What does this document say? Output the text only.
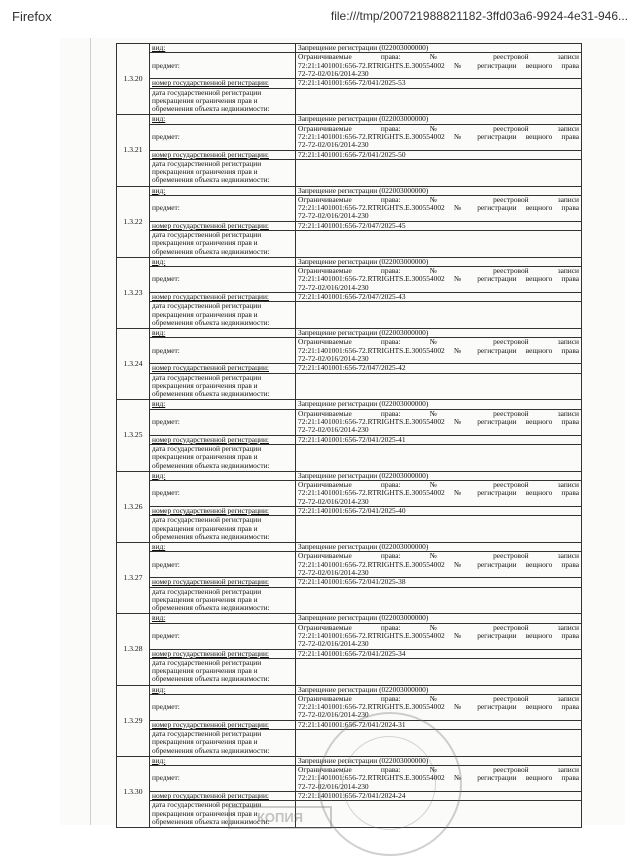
Firefox	file:///tmp/200721988821182-3ffd03a6-9924-4e31-946...
1.3.20	вид:	Запрещение регистрации (022003000000)
	предмет:	Ограничиваемые права: № реестровой записи
72:21:1401001:656-72.RTRIGHTS.E.300554002 № регистрации вещного права
72-72-02/016/2014-230

	номер государственной регистрации:	72:21:1401001:656-72/041/2025-53
	дата государственной регистрации прекращения ограничения прав и обременения объекта недвижимости:	
1.3.21	вид:	Запрещение регистрации (022003000000)
	предмет:	Ограничиваемые права: № реестровой записи
72:21:1401001:656-72.RTRIGHTS.E.300554002 № регистрации вещного права
72-72-02/016/2014-230

	номер государственной регистрации:	72:21:1401001:656-72/041/2025-50
	дата государственной регистрации прекращения ограничения прав и обременения объекта недвижимости:	
1.3.22	вид:	Запрещение регистрации (022003000000)
	предмет:	Ограничиваемые права: № реестровой записи
72:21:1401001:656-72.RTRIGHTS.E.300554002 № регистрации вещного права
72-72-02/016/2014-230

	номер государственной регистрации:	72:21:1401001:656-72/047/2025-45
	дата государственной регистрации прекращения ограничения прав и обременения объекта недвижимости:	
1.3.23	вид:	Запрещение регистрации (022003000000)
	предмет:	Ограничиваемые права: № реестровой записи
72:21:1401001:656-72.RTRIGHTS.E.300554002 № регистрации вещного права
72-72-02/016/2014-230

	номер государственной регистрации:	72:21:1401001:656-72/047/2025-43
	дата государственной регистрации прекращения ограничения прав и обременения объекта недвижимости:	
1.3.24	вид:	Запрещение регистрации (022003000000)
	предмет:	Ограничиваемые права: № реестровой записи
72:21:1401001:656-72.RTRIGHTS.E.300554002 № регистрации вещного права
72-72-02/016/2014-230

	номер государственной регистрации:	72:21:1401001:656-72/047/2025-42
	дата государственной регистрации прекращения ограничения прав и обременения объекта недвижимости:	
1.3.25	вид:	Запрещение регистрации (022003000000)
	предмет:	Ограничиваемые права: № реестровой записи
72:21:1401001:656-72.RTRIGHTS.E.300554002 № регистрации вещного права
72-72-02/016/2014-230

	номер государственной регистрации:	72:21:1401001:656-72/041/2025-41
	дата государственной регистрации прекращения ограничения прав и обременения объекта недвижимости:	
1.3.26	вид:	Запрещение регистрации (022003000000)
	предмет:	Ограничиваемые права: № реестровой записи
72:21:1401001:656-72.RTRIGHTS.E.300554002 № регистрации вещного права
72-72-02/016/2014-230

	номер государственной регистрации:	72:21:1401001:656-72/041/2025-40
	дата государственной регистрации прекращения ограничения прав и обременения объекта недвижимости:	
1.3.27	вид:	Запрещение регистрации (022003000000)
	предмет:	Ограничиваемые права: № реестровой записи
72:21:1401001:656-72.RTRIGHTS.E.300554002 № регистрации вещного права
72-72-02/016/2014-230

	номер государственной регистрации:	72:21:1401001:656-72/041/2025-38
	дата государственной регистрации прекращения ограничения прав и обременения объекта недвижимости:	
1.3.28	вид:	Запрещение регистрации (022003000000)
	предмет:	Ограничиваемые права: № реестровой записи
72:21:1401001:656-72.RTRIGHTS.E.300554002 № регистрации вещного права
72-72-02/016/2014-230

	номер государственной регистрации:	72:21:1401001:656-72/041/2025-34
	дата государственной регистрации прекращения ограничения прав и обременения объекта недвижимости:	
1.3.29	вид:	Запрещение регистрации (022003000000)
	предмет:	Ограничиваемые права: № реестровой записи
72:21:1401001:656-72.RTRIGHTS.E.300554002 № регистрации вещного права
72-72-02/016/2014-230

	номер государственной регистрации:	72:21:1401001:656-72/041/2024-31
	дата государственной регистрации прекращения ограничения прав и обременения объекта недвижимости:	
1.3.30	вид:	Запрещение регистрации (022003000000)
	предмет:	Ограничиваемые права: № реестровой записи
72:21:1401001:656-72.RTRIGHTS.E.300554002 № регистрации вещного права
72-72-02/016/2014-230

	номер государственной регистрации:	72:21:1401001:656-72/041/2024-24
	дата государственной регистрации прекращения ограничения прав и обременения объекта недвижимости:	
КОПИЯ
